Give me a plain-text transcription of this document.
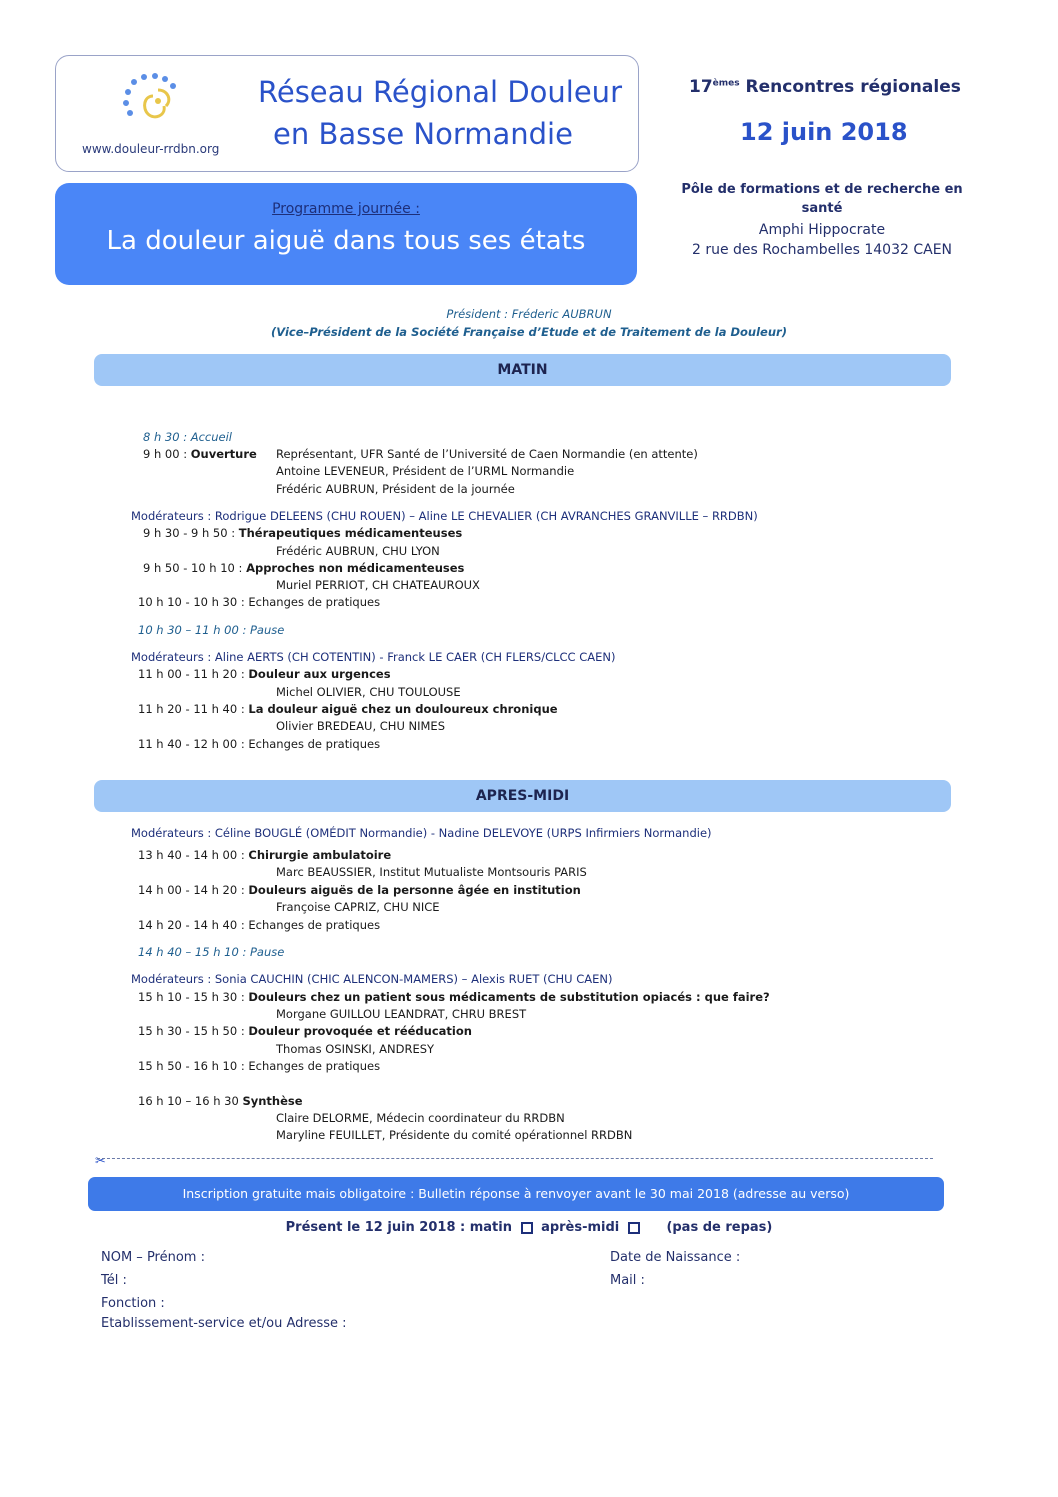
www.douleur-rrdbn.org
Réseau Régional Douleur
en Basse Normandie
17èmes Rencontres régionales
12 juin 2018
Pôle de formations et de recherche en santé
Amphi Hippocrate
2 rue des Rochambelles 14032 CAEN
Programme journée :
La douleur aiguë dans tous ses états
Président : Fréderic AUBRUN
(Vice–Président de la Société Française d’Etude et de Traitement de la Douleur)
MATIN
8 h 30 : Accueil
9 h 00 : Ouverture Représentant, UFR Santé de l’Université de Caen Normandie (en attente)
Antoine LEVENEUR, Président de l’URML Normandie
Frédéric AUBRUN, Président de la journée
Modérateurs : Rodrigue DELEENS (CHU ROUEN) – Aline LE CHEVALIER (CH AVRANCHES GRANVILLE – RRDBN)
9 h 30 - 9 h 50 : Thérapeutiques médicamenteuses
Frédéric AUBRUN, CHU LYON
9 h 50 - 10 h 10 : Approches non médicamenteuses
Muriel PERRIOT, CH CHATEAUROUX
10 h 10 - 10 h 30 : Echanges de pratiques
10 h 30 – 11 h 00 : Pause
Modérateurs : Aline AERTS (CH COTENTIN) - Franck LE CAER (CH FLERS/CLCC CAEN)
11 h 00 - 11 h 20 : Douleur aux urgences
Michel OLIVIER, CHU TOULOUSE
11 h 20 - 11 h 40 : La douleur aiguë chez un douloureux chronique
Olivier BREDEAU, CHU NIMES
11 h 40 - 12 h 00 : Echanges de pratiques
APRES-MIDI
Modérateurs : Céline BOUGLÉ (OMÉDIT Normandie) - Nadine DELEVOYE (URPS Infirmiers Normandie)
13 h 40 - 14 h 00 : Chirurgie ambulatoire
Marc BEAUSSIER, Institut Mutualiste Montsouris PARIS
14 h 00 - 14 h 20 : Douleurs aiguës de la personne âgée en institution
Françoise CAPRIZ, CHU NICE
14 h 20 - 14 h 40 : Echanges de pratiques
14 h 40 – 15 h 10 : Pause
Modérateurs : Sonia CAUCHIN (CHIC ALENCON-MAMERS) – Alexis RUET (CHU CAEN)
15 h 10 - 15 h 30 : Douleurs chez un patient sous médicaments de substitution opiacés : que faire?
Morgane GUILLOU LEANDRAT, CHRU BREST
15 h 30 - 15 h 50 : Douleur provoquée et rééducation
Thomas OSINSKI, ANDRESY
15 h 50 - 16 h 10 : Echanges de pratiques
16 h 10 – 16 h 30 Synthèse
Claire DELORME, Médecin coordinateur du RRDBN
Maryline FEUILLET, Présidente du comité opérationnel RRDBN
✂
Inscription gratuite mais obligatoire : Bulletin réponse à renvoyer avant le 30 mai 2018 (adresse au verso)
Présent le 12 juin 2018 : matin après-midi	(pas de repas)
NOM – Prénom :	Date de Naissance :
Tél :	Mail :
Fonction :
Etablissement-service et/ou Adresse :
